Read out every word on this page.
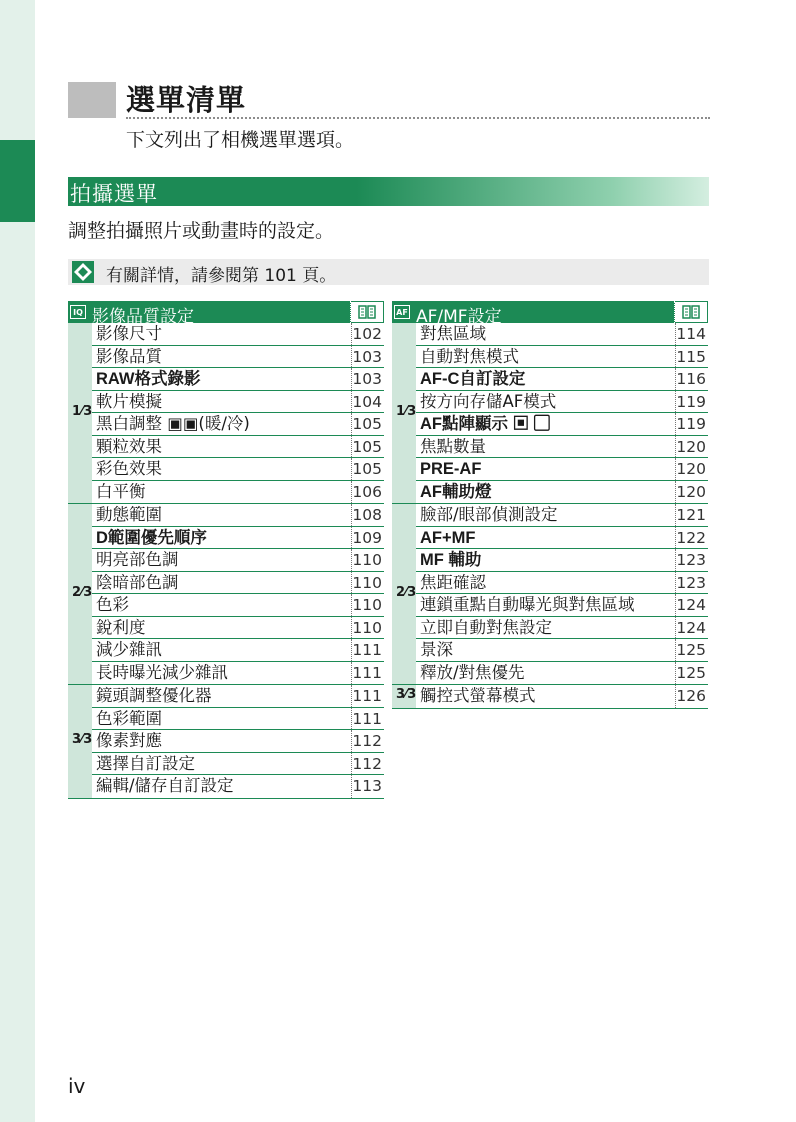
選單清單
下文列出了相機選單選項。
拍攝選單
調整拍攝照片或動畫時的設定。
有關詳情，請參閱第 101 頁。
IQ 影像品質設定
1⁄3
影像尺寸	102
影像品質	103
RAW格式錄影	103
軟片模擬	104
黑白調整 ▣▣(暖/冷)	105
顆粒效果	105
彩色效果	105
白平衡	106
2⁄3
動態範圍	108
D範圍優先順序	109
明亮部色調	110
陰暗部色調	110
色彩	110
銳利度	110
減少雜訊	111
長時曝光減少雜訊	111
3⁄3
鏡頭調整優化器	111
色彩範圍	111
像素對應	112
選擇自訂設定	112
編輯/儲存自訂設定	113
AF AF/MF設定
1⁄3
對焦區域	114
自動對焦模式	115
AF-C自訂設定	116
按方向存儲AF模式	119
AF點陣顯示 ▣ ▢	119
焦點數量	120
PRE-AF	120
AF輔助燈	120
2⁄3
臉部/眼部偵測設定	121
AF+MF	122
MF 輔助	123
焦距確認	123
連鎖重點自動曝光與對焦區域	124
立即自動對焦設定	124
景深	125
釋放/對焦優先	125
3⁄3 觸控式螢幕模式	126
iv
